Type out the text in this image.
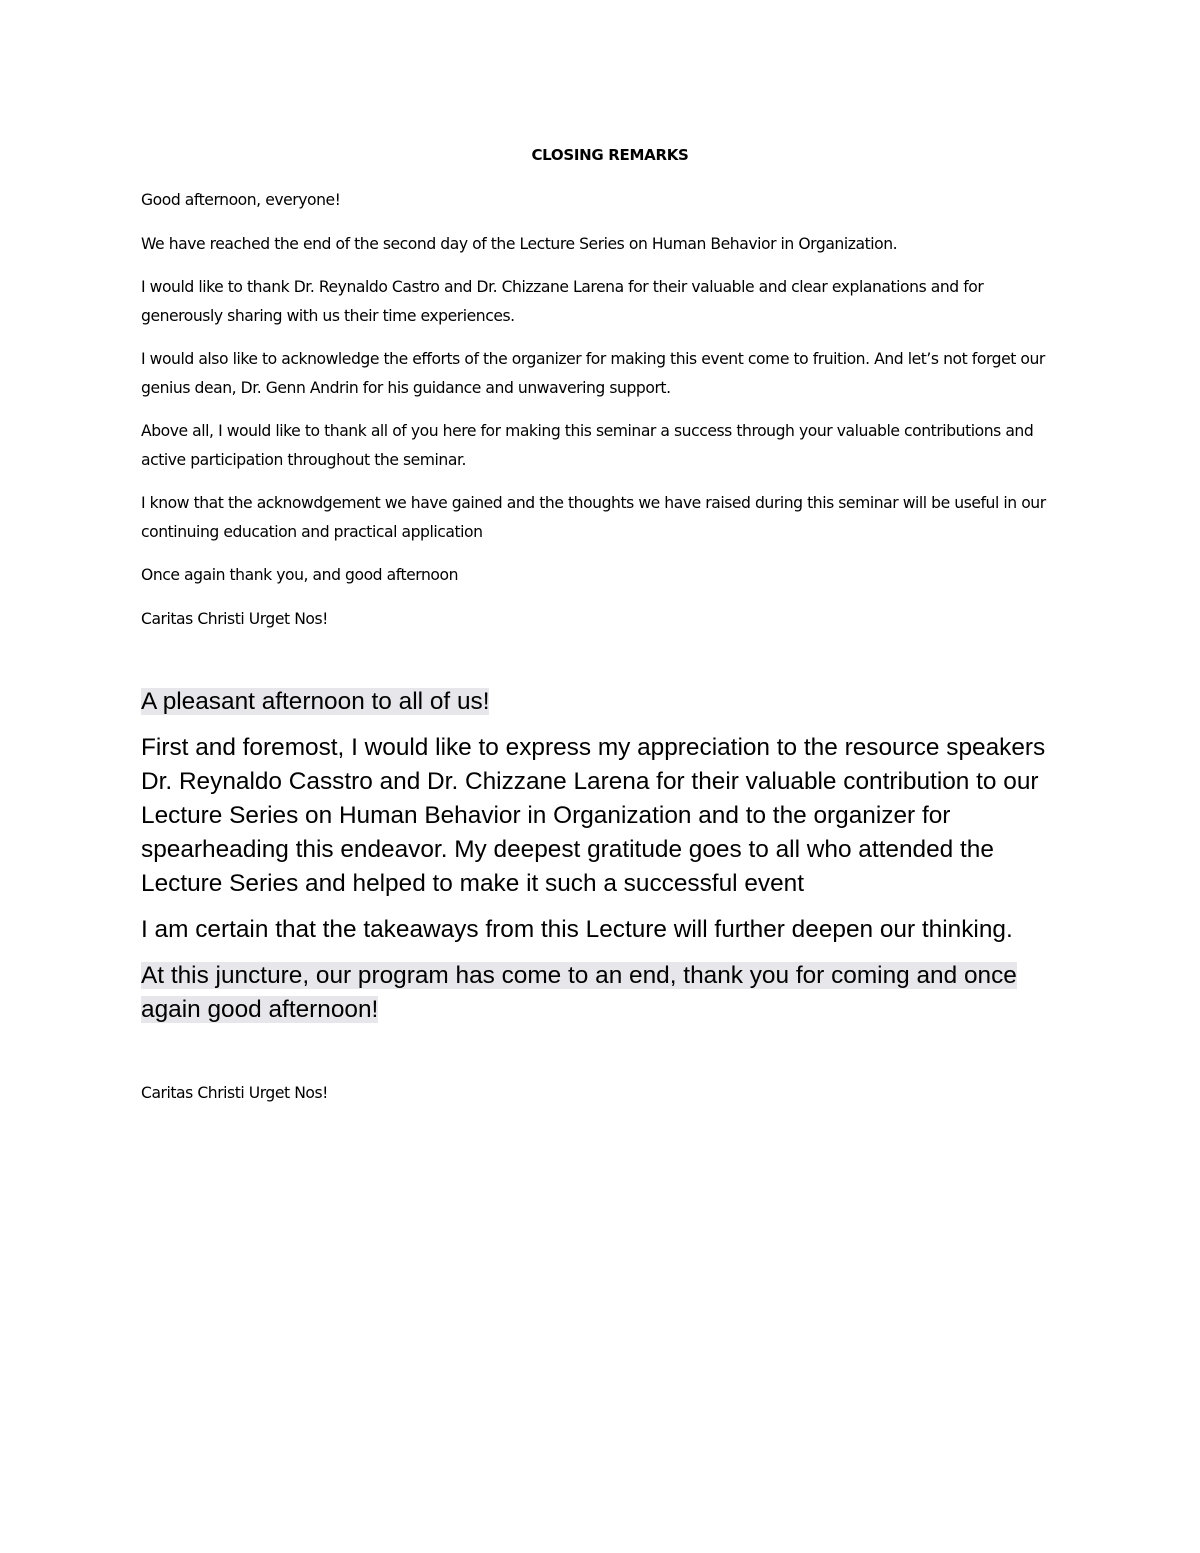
CLOSING REMARKS

Good afternoon, everyone!

We have reached the end of the second day of the Lecture Series on Human Behavior in Organization.

I would like to thank Dr. Reynaldo Castro and Dr. Chizzane Larena for their valuable and clear explanations and for generously sharing with us their time experiences.

I would also like to acknowledge the efforts of the organizer for making this event come to fruition. And let’s not forget our genius dean, Dr. Genn Andrin for his guidance and unwavering support.

Above all, I would like to thank all of you here for making this seminar a success through your valuable contributions and active participation throughout the seminar.

I know that the acknowdgement we have gained and the thoughts we have raised during this seminar will be useful in our continuing education and practical application

Once again thank you, and good afternoon

Caritas Christi Urget Nos!

A pleasant afternoon to all of us!

First and foremost, I would like to express my appreciation to the resource speakers Dr. Reynaldo Casstro and Dr. Chizzane Larena for their valuable contribution to our Lecture Series on Human Behavior in Organization and to the organizer for spearheading this endeavor. My deepest gratitude goes to all who attended the Lecture Series and helped to make it such a successful event

I am certain that the takeaways from this Lecture will further deepen our thinking.

At this juncture, our program has come to an end, thank you for coming and once again good afternoon!

Caritas Christi Urget Nos!
